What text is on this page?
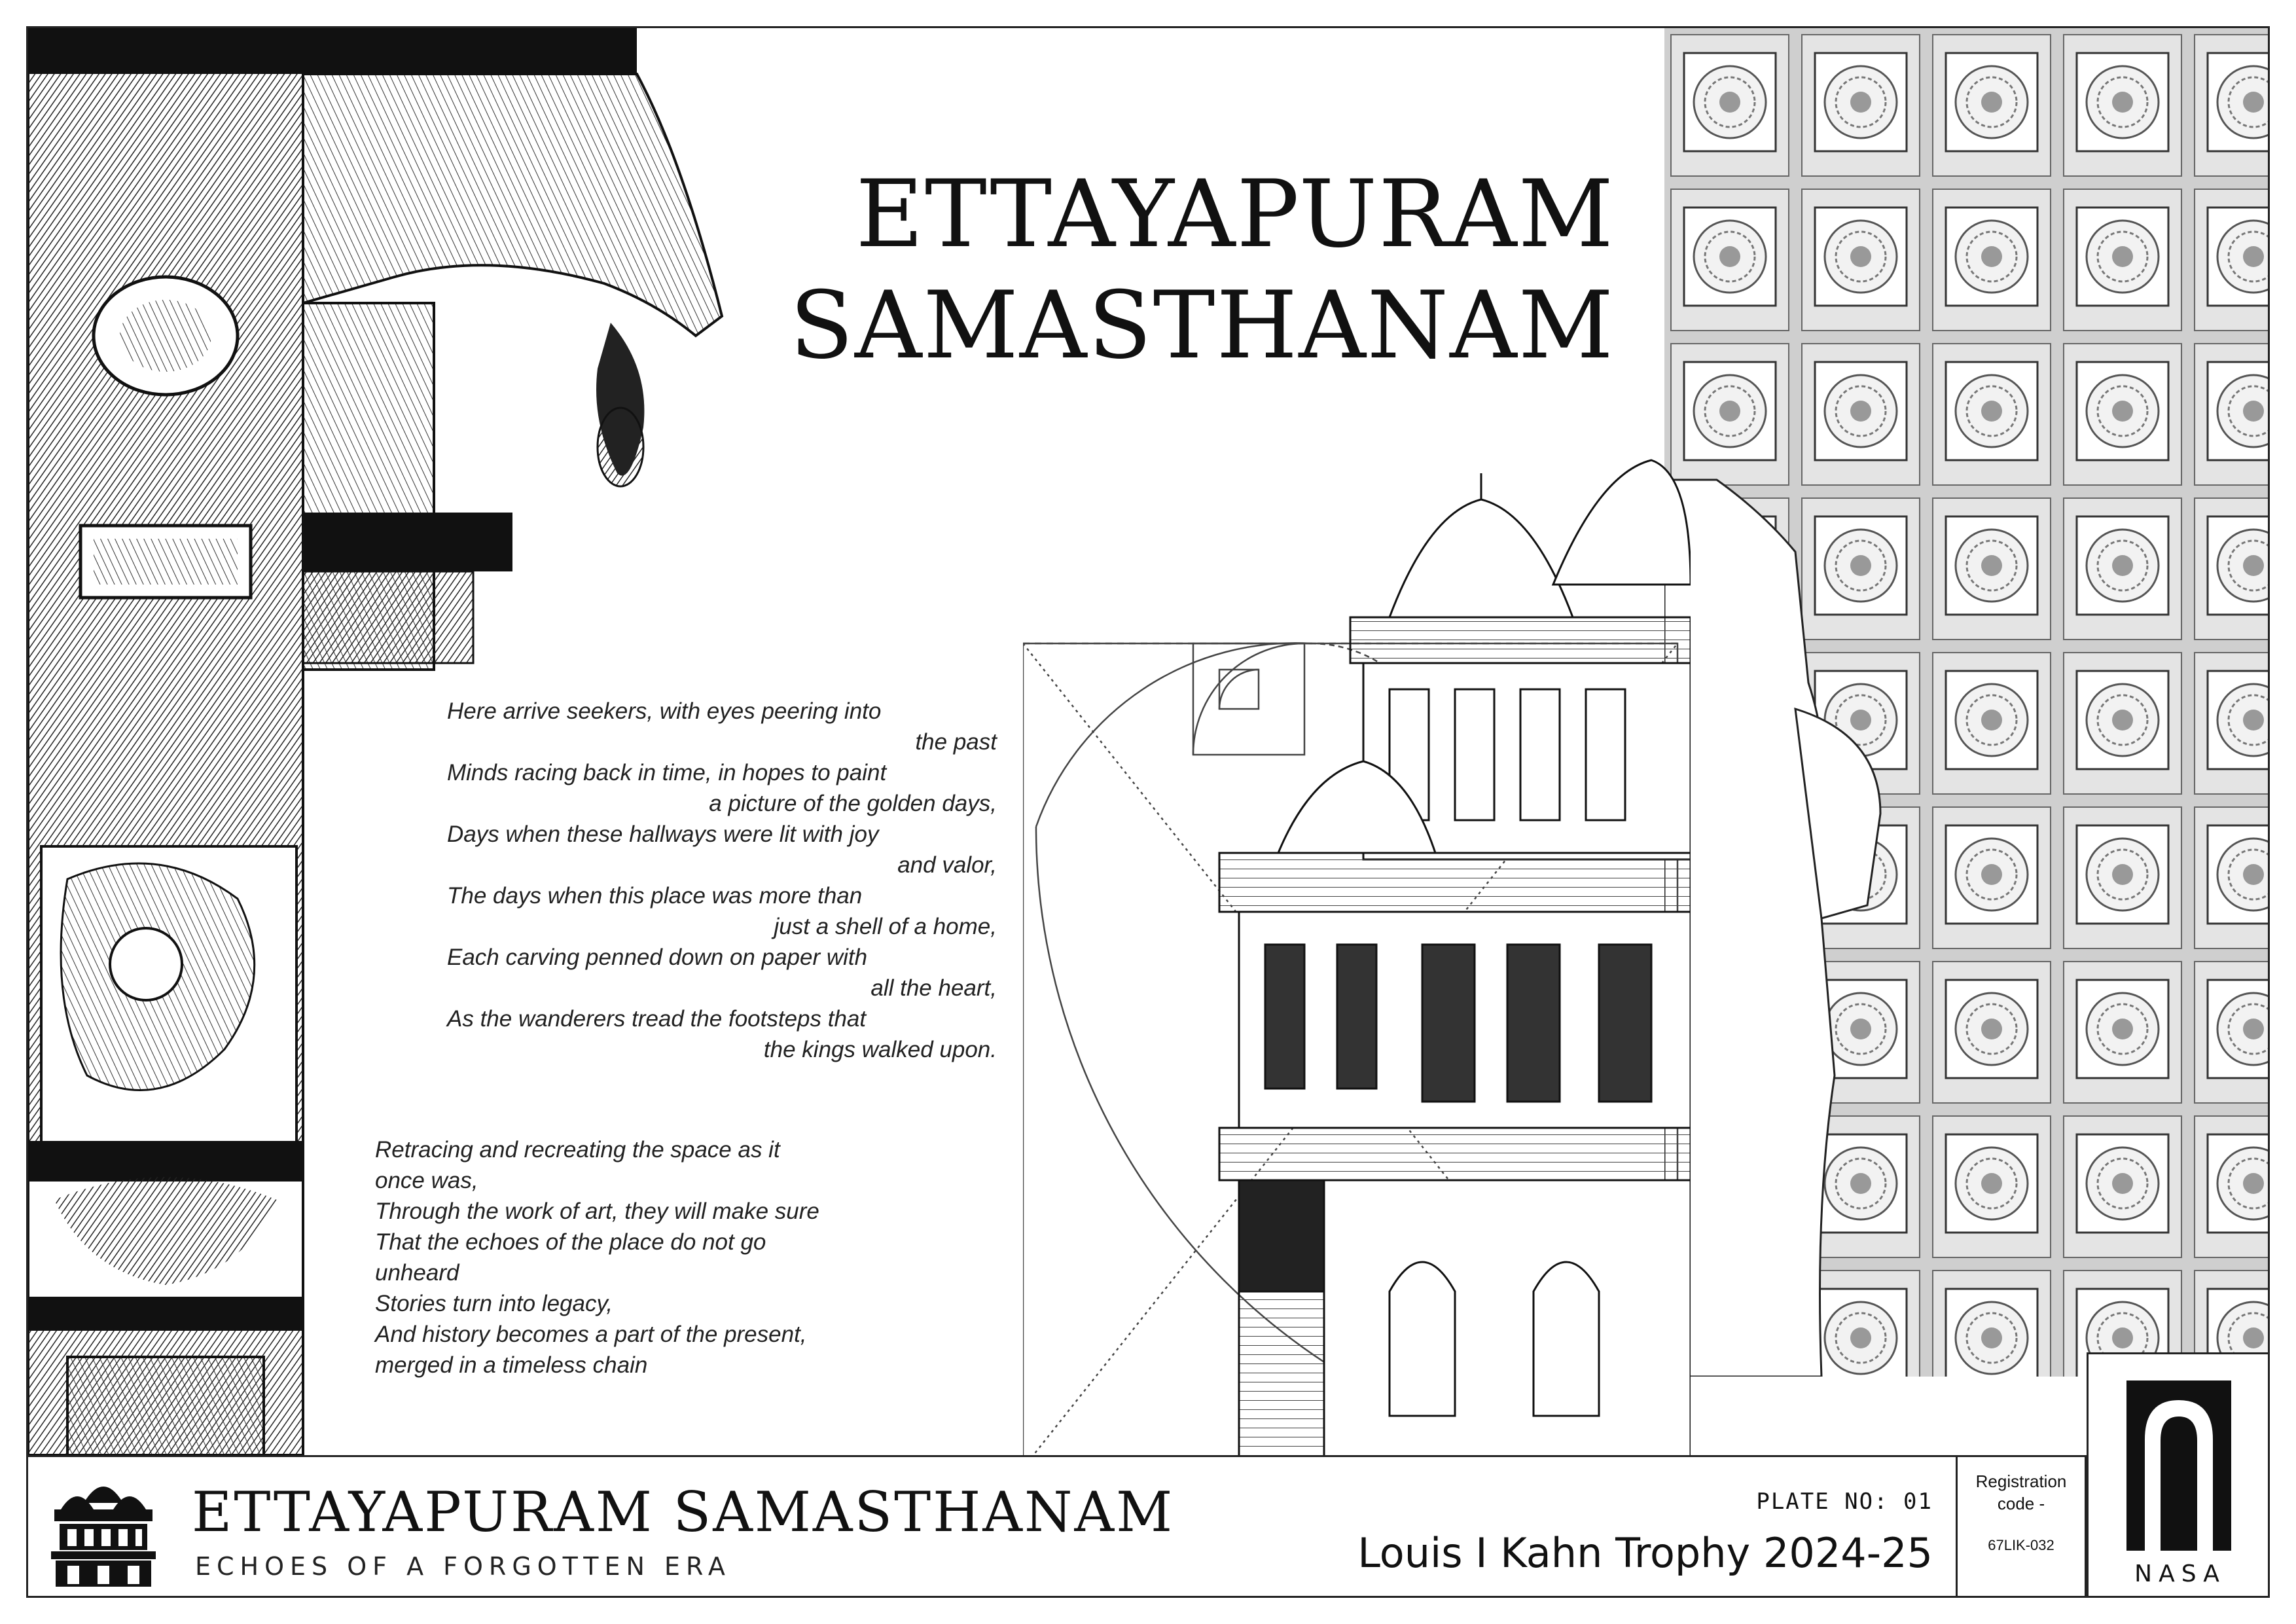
ETTAYAPURAM
SAMASTHANAM
Here arrive seekers, with eyes peering into
the past
Minds racing back in time, in hopes to paint
a picture of the golden days,
Days when these hallways were lit with joy
and valor,
The days when this place was more than
just a shell of a home,
Each carving penned down on paper with
all the heart,
As the wanderers tread the footsteps that
the kings walked upon.
Retracing and recreating the space as it
once was,
Through the work of art, they will make sure
That the echoes of the place do not go
unheard
Stories turn into legacy,
And history becomes a part of the present,
merged in a timeless chain
ETTAYAPURAM SAMASTHANAM
ECHOES OF A FORGOTTEN ERA
PLATE NO: 01
Louis I Kahn Trophy 2024-25
Registration
code -
67LIK-032
NASA
